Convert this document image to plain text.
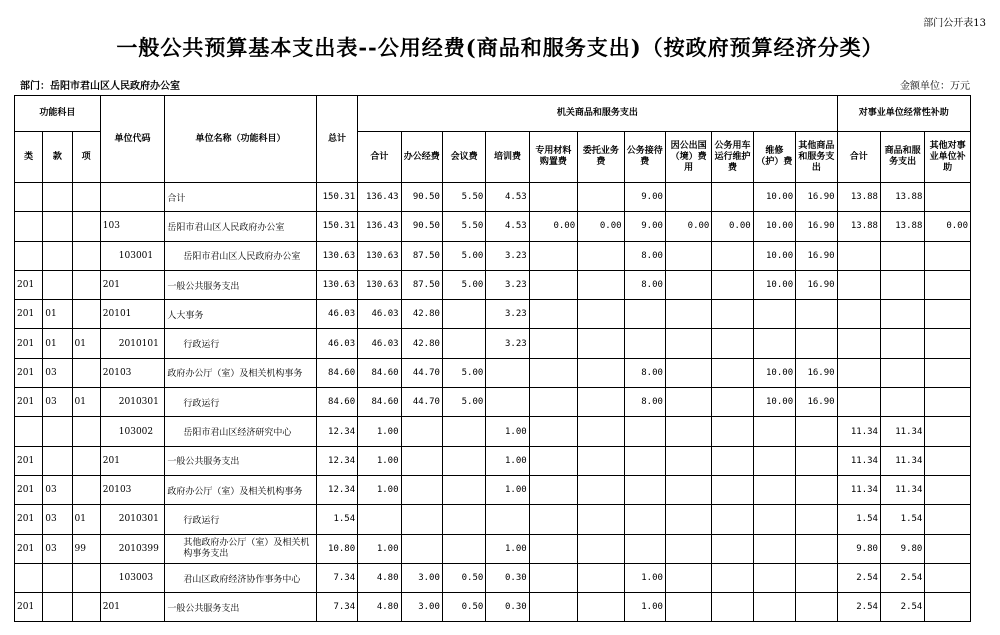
部门公开表13
一般公共预算基本支出表--公用经费(商品和服务支出)（按政府预算经济分类）
部门：岳阳市君山区人民政府办公室	金额单位：万元
功能科目			单位代码	单位名称（功能科目）	总计	机关商品和服务支出											对事业单位经常性补助		
类	款	项				合计	办公经费	会议费	培训费	专用材料购置费	委托业务费	公务接待费	因公出国（境）费用	公务用车运行维护费	维修（护）费	其他商品和服务支出	合计	商品和服务支出	其他对事业单位补助
				合计	150.31	136.43	90.50	5.50	4.53			9.00			10.00	16.90	13.88	13.88	
			103	岳阳市君山区人民政府办公室	150.31	136.43	90.50	5.50	4.53	0.00	0.00	9.00	0.00	0.00	10.00	16.90	13.88	13.88	0.00
			103001	岳阳市君山区人民政府办公室	130.63	130.63	87.50	5.00	3.23			8.00			10.00	16.90			
201			201	一般公共服务支出	130.63	130.63	87.50	5.00	3.23			8.00			10.00	16.90			
201	01		20101	人大事务	46.03	46.03	42.80		3.23										
201	01	01	2010101	行政运行	46.03	46.03	42.80		3.23										
201	03		20103	政府办公厅（室）及相关机构事务	84.60	84.60	44.70	5.00				8.00			10.00	16.90			
201	03	01	2010301	行政运行	84.60	84.60	44.70	5.00				8.00			10.00	16.90			
			103002	岳阳市君山区经济研究中心	12.34	1.00			1.00								11.34	11.34	
201			201	一般公共服务支出	12.34	1.00			1.00								11.34	11.34	
201	03		20103	政府办公厅（室）及相关机构事务	12.34	1.00			1.00								11.34	11.34	
201	03	01	2010301	行政运行	1.54												1.54	1.54	
201	03	99	2010399	其他政府办公厅（室）及相关机构事务支出	10.80	1.00			1.00								9.80	9.80	
			103003	君山区政府经济协作事务中心	7.34	4.80	3.00	0.50	0.30			1.00					2.54	2.54	
201			201	一般公共服务支出	7.34	4.80	3.00	0.50	0.30			1.00					2.54	2.54	
